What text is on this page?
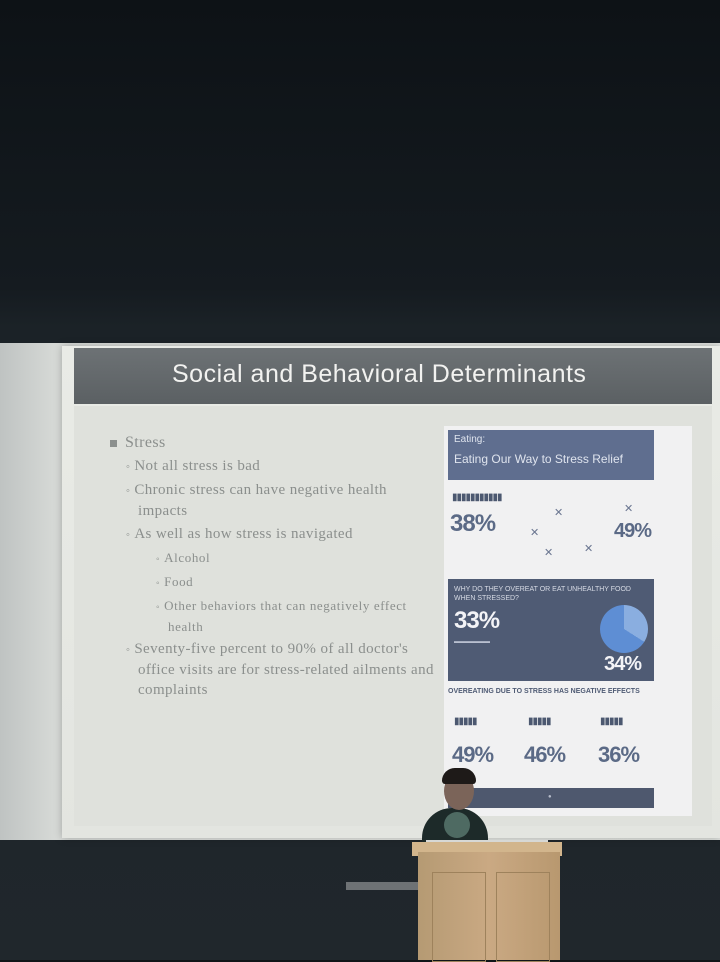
Social and Behavioral Determinants
Stress
◦ Not all stress is bad
◦ Chronic stress can have negative health impacts
◦ As well as how stress is navigated
◦ Alcohol
◦ Food
◦ Other behaviors that can negatively effect health
◦ Seventy-five percent to 90% of all doctor's office visits are for stress-related ailments and complaints
Eating:
Eating Our Way to Stress Relief
▮▮▮▮▮▮▮▮▮▮▮
38%	✕	✕
✕
✕	✕
49%
WHY DO THEY OVEREAT OR EAT UNHEALTHY FOOD WHEN STRESSED?
33%
▬▬▬▬▬▬
34%
OVEREATING DUE TO STRESS HAS NEGATIVE EFFECTS
▮▮▮▮▮	▮▮▮▮▮	▮▮▮▮▮
49% 46% 36%
●
